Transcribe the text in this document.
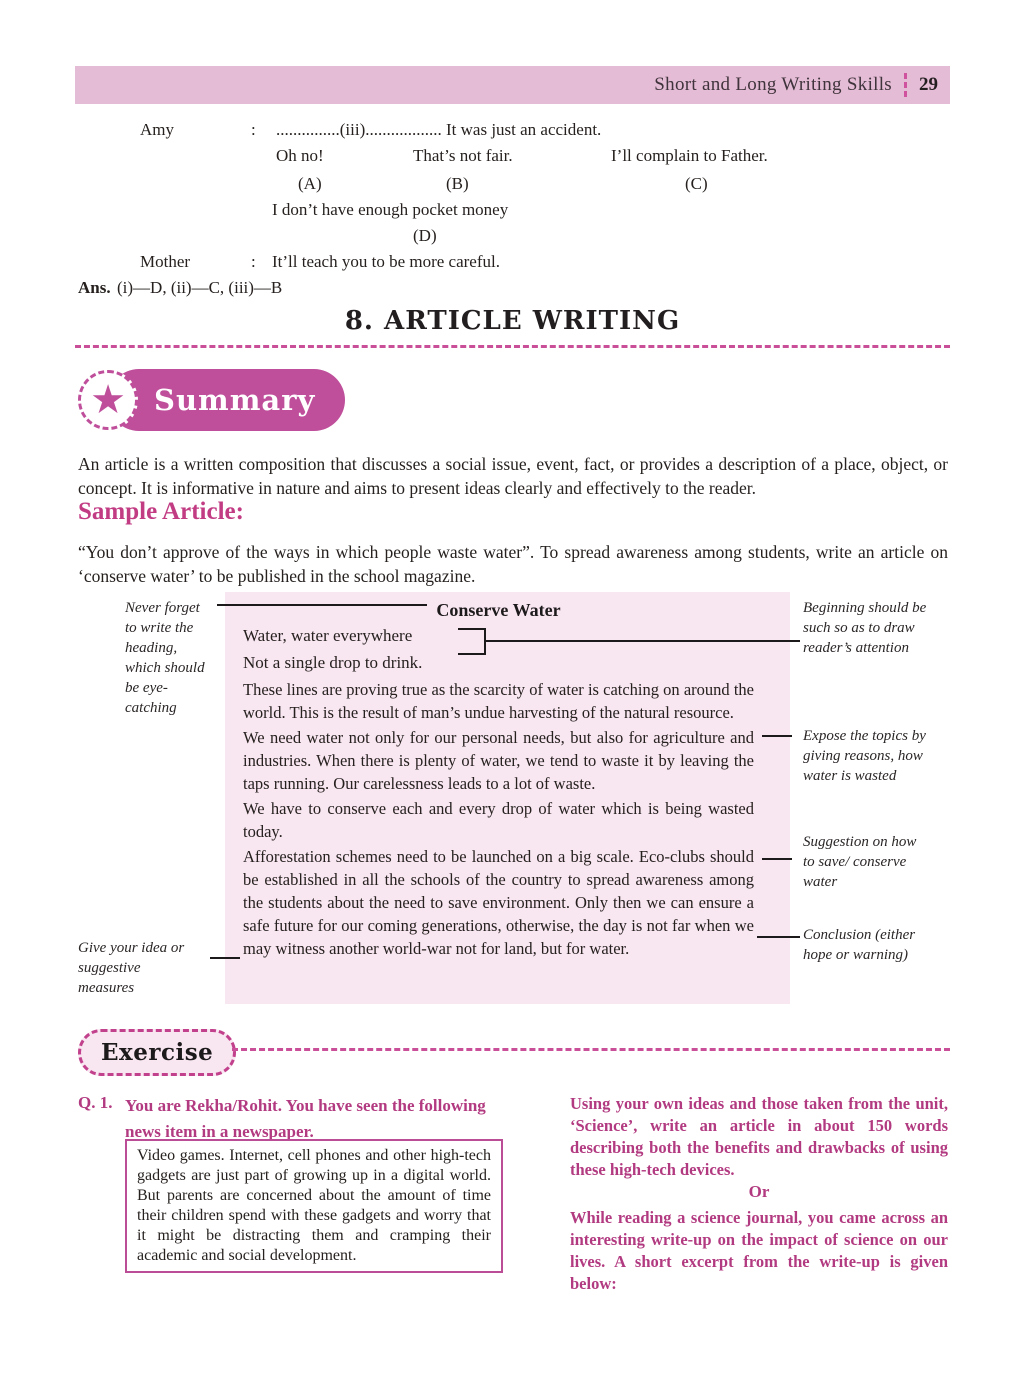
Short and Long Writing Skills 29
Amy	: ...............(iii).................. It was just an accident.
Oh no!	That’s not fair.	I’ll complain to Father.
(A)	(B)	(C)
I don’t have enough pocket money
(D)
Mother	: It’ll teach you to be more careful.
Ans. (i)—D, (ii)—C, (iii)—B
8. ARTICLE WRITING
★ Summary
An article is a written composition that discusses a social issue, event, fact, or provides a description of a place, object, or concept. It is informative in nature and aims to present ideas clearly and effectively to the reader.
Sample Article:
“You don’t approve of the ways in which people waste water”. To spread awareness among students, write an article on ‘conserve water’ to be published in the school magazine.
Never forget to write the heading, which should be eye-catching
Give your idea or suggestive measures
Conserve Water
Water, water everywhere
Not a single drop to drink.
These lines are proving true as the scarcity of water is catching on around the world. This is the result of man’s undue harvesting of the natural resource.
We need water not only for our personal needs, but also for agriculture and industries. When there is plenty of water, we tend to waste it by leaving the taps running. Our carelessness leads to a lot of waste.
We have to conserve each and every drop of water which is being wasted today.
Afforestation schemes need to be launched on a big scale. Eco-clubs should be established in all the schools of the country to spread awareness among the students about the need to save environment. Only then we can ensure a safe future for our coming generations, otherwise, the day is not far when we may witness another world-war not for land, but for water.
Beginning should be such so as to draw reader’s attention
Expose the topics by giving reasons, how water is wasted
Suggestion on how to save/ conserve water
Conclusion (either hope or warning)
Exercise
Q. 1. You are Rekha/Rohit. You have seen the following news item in a newspaper.
Video games. Internet, cell phones and other high-tech gadgets are just part of growing up in a digital world. But parents are concerned about the amount of time their children spend with these gadgets and worry that it might be distracting them and cramping their academic and social development.
Using your own ideas and those taken from the unit, ‘Science’, write an article in about 150 words describing both the benefits and drawbacks of using these high-tech devices.
Or
While reading a science journal, you came across an interesting write-up on the impact of science on our lives. A short excerpt from the write-up is given below:
